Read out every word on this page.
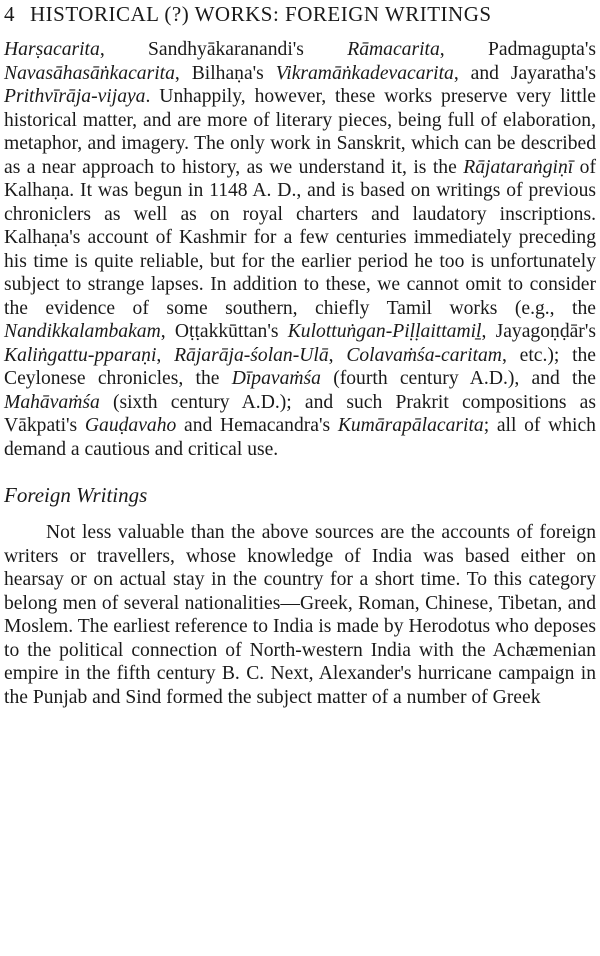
4 HISTORICAL (?) WORKS: FOREIGN WRITINGS

Harṣacarita, Sandhyākaranandi's Rāmacarita, Padmagupta's Navasāhasāṅkacarita, Bilhaṇa's Vikramāṅkadevacarita, and Jayaratha's Prithvīrāja-vijaya. Unhappily, however, these works preserve very little historical matter, and are more of literary pieces, being full of elaboration, metaphor, and imagery. The only work in Sanskrit, which can be described as a near approach to history, as we understand it, is the Rājataraṅgiṇī of Kalhaṇa. It was begun in 1148 A. D., and is based on writings of previous chroniclers as well as on royal charters and laudatory inscriptions. Kalhaṇa's account of Kashmir for a few centuries immediately preceding his time is quite reliable, but for the earlier period he too is unfortunately subject to strange lapses. In addition to these, we cannot omit to consider the evidence of some southern, chiefly Tamil works (e.g., the Nandikkalambakam, Oṭṭakkūttan's Kulottuṅgan-Piḷḷaittamiḻ, Jayagoṇḍār's Kaliṅgattu-pparaṇi, Rājarāja-śolan-Ulā, Colavaṁśa-caritam, etc.); the Ceylonese chronicles, the Dīpavaṁśa (fourth century A.D.), and the Mahāvaṁśa (sixth century A.D.); and such Prakrit compositions as Vākpati's Gauḍavaho and Hemacandra's Kumārapālacarita; all of which demand a cautious and critical use.

Foreign Writings

Not less valuable than the above sources are the accounts of foreign writers or travellers, whose knowledge of India was based either on hearsay or on actual stay in the country for a short time. To this category belong men of several nationalities—Greek, Roman, Chinese, Tibetan, and Moslem. The earliest reference to India is made by Herodotus who deposes to the political connection of North-western India with the Achæmenian empire in the fifth century B. C. Next, Alexander's hurricane campaign in the Punjab and Sind formed the subject matter of a number of Greek
